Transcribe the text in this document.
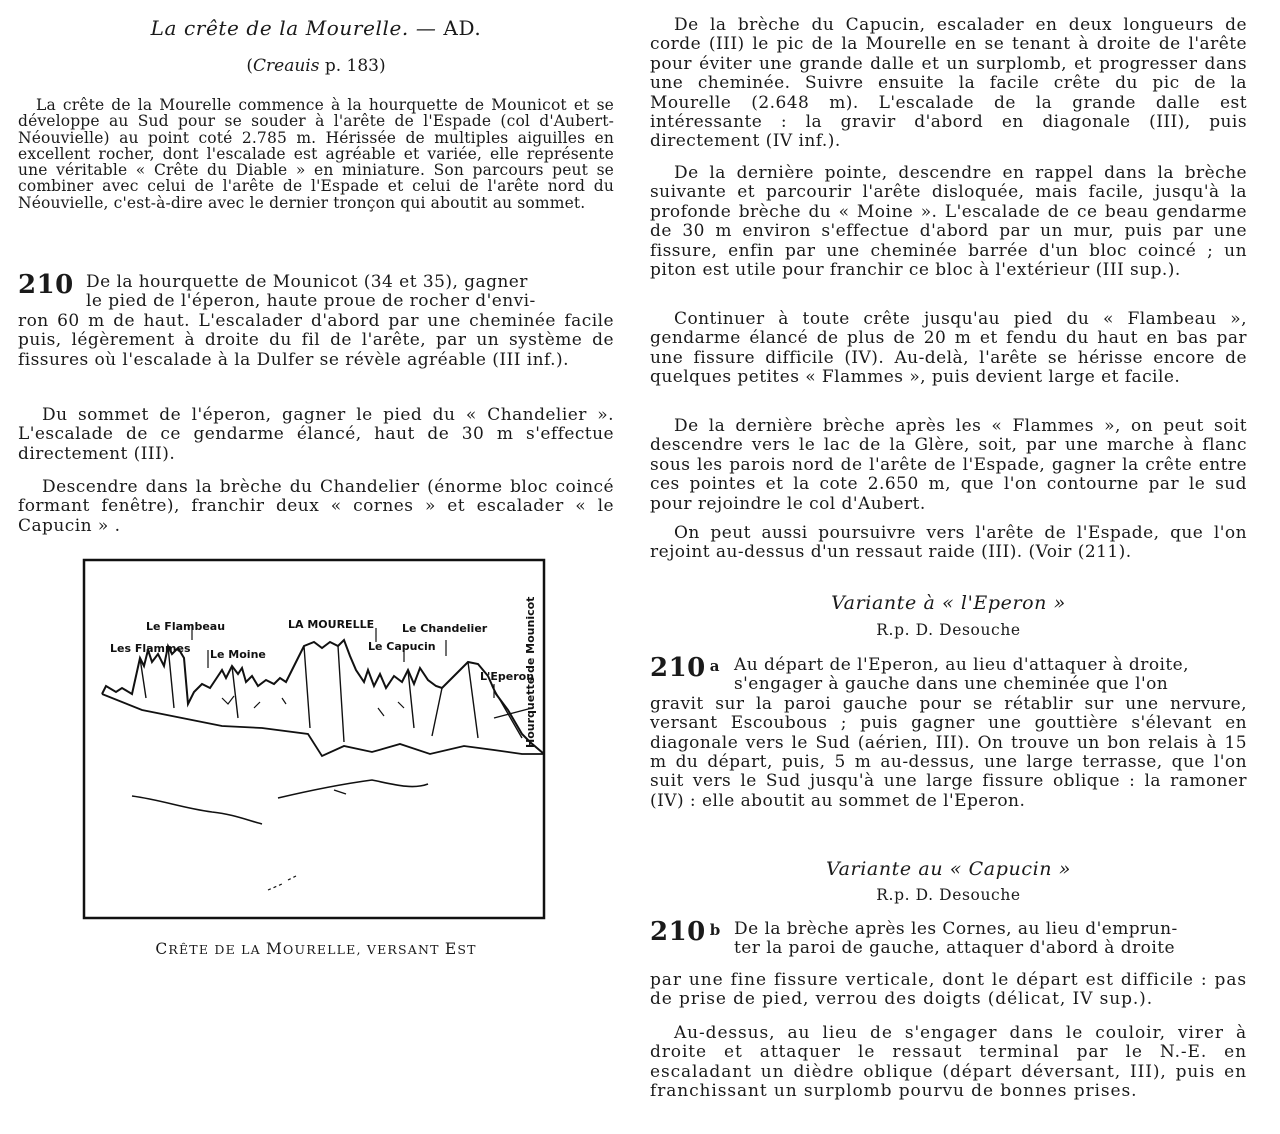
La crête de la Mourelle. — AD.
(Creauis p. 183)

La crête de la Mourelle commence à la hourquette de Mounicot et se développe au Sud pour se souder à l'arête de l'Espade (col d'Aubert-Néouvielle) au point coté 2.785 m. Hérissée de multiples aiguilles en excellent rocher, dont l'escalade est agréable et variée, elle représente une véritable « Crête du Diable » en miniature. Son parcours peut se combiner avec celui de l'arête de l'Espade et celui de l'arête nord du Néouvielle, c'est-à-dire avec le dernier tronçon qui aboutit au sommet.

210 De la hourquette de Mounicot (34 et 35), gagner

le pied de l'éperon, haute proue de rocher d'envi-

ron 60 m de haut. L'escalader d'abord par une cheminée facile puis, légèrement à droite du fil de l'arête, par un système de fissures où l'escalade à la Dulfer se révèle agréable (III inf.).

Du sommet de l'éperon, gagner le pied du « Chandelier ». L'escalade de ce gendarme élancé, haut de 30 m s'effectue directement (III).

Descendre dans la brèche du Chandelier (énorme bloc coincé formant fenêtre), franchir deux « cornes » et escalader « le Capucin » .

Le Flambeau
Les Flammes Le Moine
LA MOURELLE	Le Chandelier
Le Capucin
L'Eperon
Hourquette de Mounicot
CRÊTE DE LA MOURELLE, VERSANT EST

De la brèche du Capucin, escalader en deux longueurs de corde (III) le pic de la Mourelle en se tenant à droite de l'arête pour éviter une grande dalle et un surplomb, et progresser dans une cheminée. Suivre ensuite la facile crête du pic de la Mourelle (2.648 m). L'escalade de la grande dalle est intéressante : la gravir d'abord en diagonale (III), puis directement (IV inf.).

De la dernière pointe, descendre en rappel dans la brèche suivante et parcourir l'arête disloquée, mais facile, jusqu'à la profonde brèche du « Moine ». L'escalade de ce beau gendarme de 30 m environ s'effectue d'abord par un mur, puis par une fissure, enfin par une cheminée barrée d'un bloc coincé ; un piton est utile pour franchir ce bloc à l'extérieur (III sup.).

Continuer à toute crête jusqu'au pied du « Flambeau », gendarme élancé de plus de 20 m et fendu du haut en bas par une fissure difficile (IV). Au-delà, l'arête se hérisse encore de quelques petites « Flammes », puis devient large et facile.

De la dernière brèche après les « Flammes », on peut soit descendre vers le lac de la Glère, soit, par une marche à flanc sous les parois nord de l'arête de l'Espade, gagner la crête entre ces pointes et la cote 2.650 m, que l'on contourne par le sud pour rejoindre le col d'Aubert.

On peut aussi poursuivre vers l'arête de l'Espade, que l'on rejoint au-dessus d'un ressaut raide (III). (Voir (211).

Variante à « l'Eperon »
R.p. D. Desouche
210 $^a$ Au départ de l'Eperon, au lieu d'attaquer à droite,

s'engager à gauche dans une cheminée que l'on

gravit sur la paroi gauche pour se rétablir sur une nervure, versant Escoubous ; puis gagner une gouttière s'élevant en diagonale vers le Sud (aérien, III). On trouve un bon relais à 15 m du départ, puis, 5 m au-dessus, une large terrasse, que l'on suit vers le Sud jusqu'à une large fissure oblique : la ramoner (IV) : elle aboutit au sommet de l'Eperon.

Variante au « Capucin »
R.p. D. Desouche
210 $^b$ De la brèche après les Cornes, au lieu d'emprun-

ter la paroi de gauche, attaquer d'abord à droite

par une fine fissure verticale, dont le départ est difficile : pas de prise de pied, verrou des doigts (délicat, IV sup.).

Au-dessus, au lieu de s'engager dans le couloir, virer à droite et attaquer le ressaut terminal par le N.-E. en escaladant un dièdre oblique (départ déversant, III), puis en franchissant un surplomb pourvu de bonnes prises.
